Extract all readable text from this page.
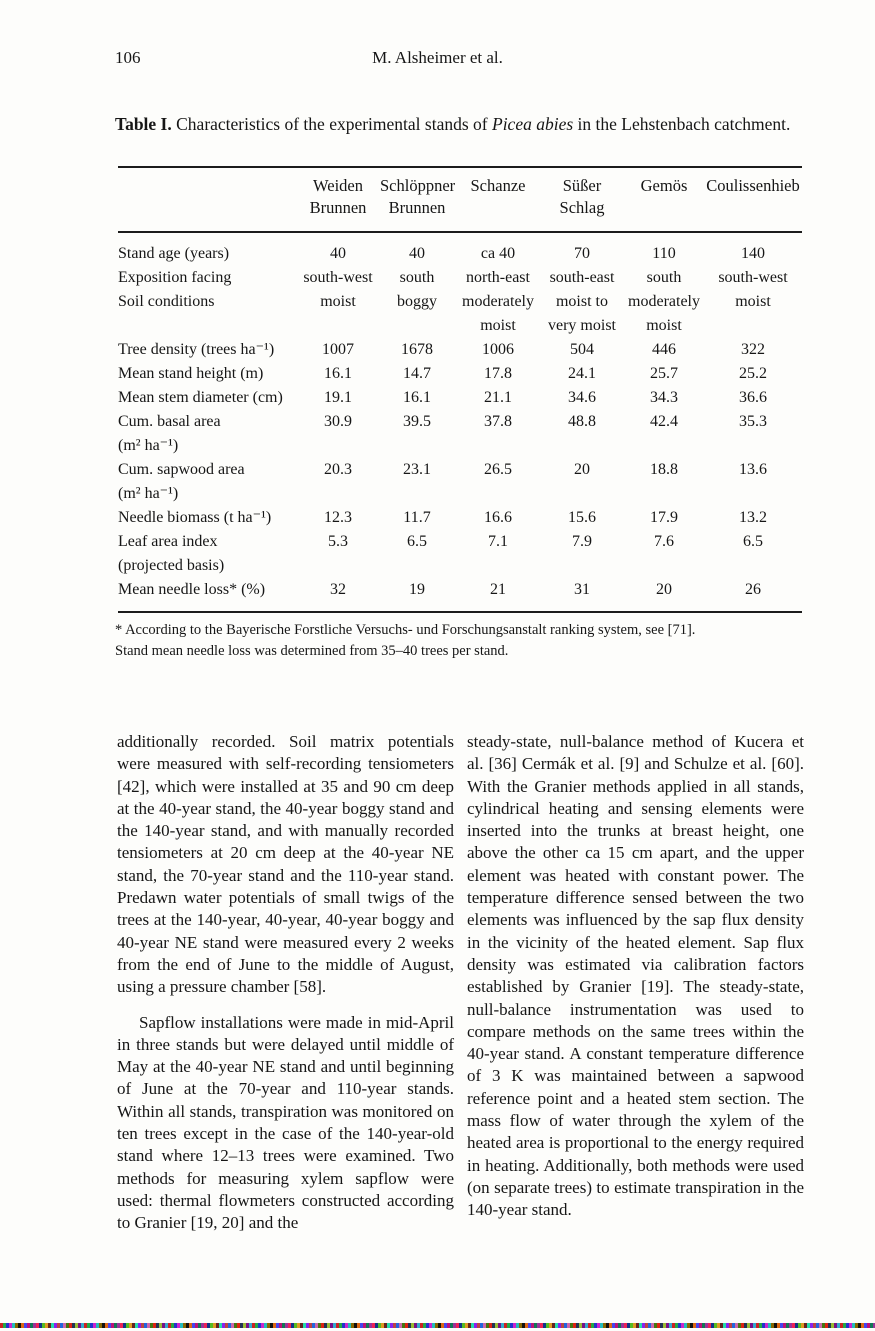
106	M. Alsheimer et al.

Table I. Characteristics of the experimental stands of Picea abies in the Lehstenbach catchment.

	Weiden Brunnen	Schlöppner Brunnen	Schanze	Süßer Schlag	Gemös	Coulissenhieb
Stand age (years)	40	40	ca 40	70	110	140
Exposition facing	south-west	south	north-east	south-east	south	south-west
Soil conditions	moist	boggy	moderately moist	moist to very moist	moderately moist	moist
Tree density (trees ha⁻¹)	1007	1678	1006	504	446	322
Mean stand height (m)	16.1	14.7	17.8	24.1	25.7	25.2
Mean stem diameter (cm)	19.1	16.1	21.1	34.6	34.3	36.6
Cum. basal area
(m² ha⁻¹)	30.9	39.5	37.8	48.8	42.4	35.3
Cum. sapwood area
(m² ha⁻¹)	20.3	23.1	26.5	20	18.8	13.6
Needle biomass (t ha⁻¹)	12.3	11.7	16.6	15.6	17.9	13.2
Leaf area index
(projected basis)	5.3	6.5	7.1	7.9	7.6	6.5
Mean needle loss* (%)	32	19	21	31	20	26
* According to the Bayerische Forstliche Versuchs- und Forschungsanstalt ranking system, see [71].
Stand mean needle loss was determined from 35–40 trees per stand.

additionally recorded. Soil matrix potentials were measured with self-recording tensiometers [42], which were installed at 35 and 90 cm deep at the 40-year stand, the 40-year boggy stand and the 140-year stand, and with manually recorded tensiometers at 20 cm deep at the 40-year NE stand, the 70-year stand and the 110-year stand. Predawn water potentials of small twigs of the trees at the 140-year, 40-year, 40-year boggy and 40-year NE stand were measured every 2 weeks from the end of June to the middle of August, using a pressure chamber [58].

Sapflow installations were made in mid-April in three stands but were delayed until middle of May at the 40-year NE stand and until beginning of June at the 70-year and 110-year stands. Within all stands, transpiration was monitored on ten trees except in the case of the 140-year-old stand where 12–13 trees were examined. Two methods for measuring xylem sapflow were used: thermal flowmeters constructed according to Granier [19, 20] and the

steady-state, null-balance method of Kucera et al. [36] Cermák et al. [9] and Schulze et al. [60]. With the Granier methods applied in all stands, cylindrical heating and sensing elements were inserted into the trunks at breast height, one above the other ca 15 cm apart, and the upper element was heated with constant power. The temperature difference sensed between the two elements was influenced by the sap flux density in the vicinity of the heated element. Sap flux density was estimated via calibration factors established by Granier [19]. The steady-state, null-balance instrumentation was used to compare methods on the same trees within the 40-year stand. A constant temperature difference of 3 K was maintained between a sapwood reference point and a heated stem section. The mass flow of water through the xylem of the heated area is proportional to the energy required in heating. Additionally, both methods were used (on separate trees) to estimate transpiration in the 140-year stand.
